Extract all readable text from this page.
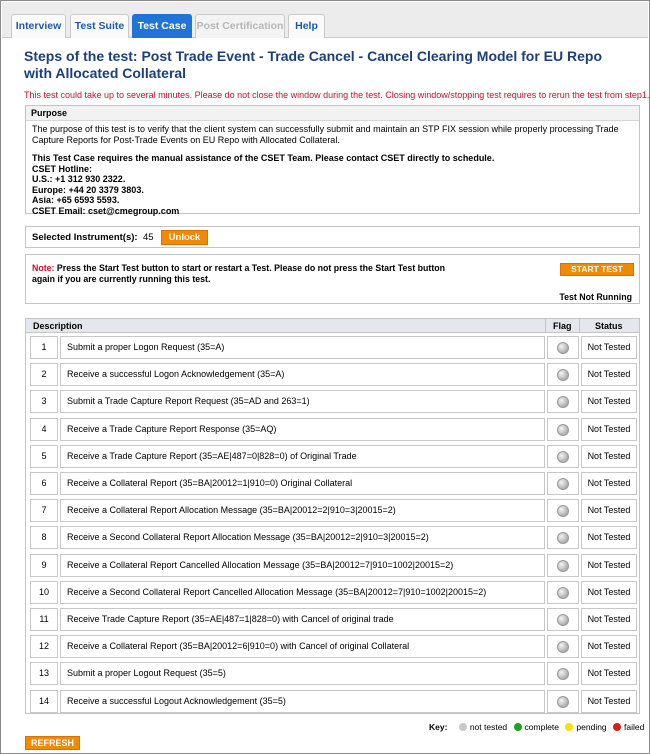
Interview	Test Suite	Test Case Post Certification	Help
Steps of the test: Post Trade Event - Trade Cancel - Cancel Clearing Model for EU Repo with Allocated Collateral
This test could take up to several minutes. Please do not close the window during the test. Closing window/stopping test requires to rerun the test from step1.
Purpose
The purpose of this test is to verify that the client system can successfully submit and maintain an STP FIX session while properly processing Trade
Capture Reports for Post-Trade Events on EU Repo with Allocated Collateral.
This Test Case requires the manual assistance of the CSET Team. Please contact CSET directly to schedule.
CSET Hotline:
U.S.: +1 312 930 2322.
Europe: +44 20 3379 3803.
Asia: +65 6593 5593.
CSET Email: cset@cmegroup.com
Selected Instrument(s): 45	Unlock
Note: Press the Start Test button to start or restart a Test. Please do not press the Start Test button again if you are currently running this test.
START TEST
Test Not Running
Description	Flag	Status
1	Submit a proper Logon Request (35=A)	Not Tested
2	Receive a successful Logon Acknowledgement (35=A)	Not Tested
3	Submit a Trade Capture Report Request (35=AD and 263=1)	Not Tested
4	Receive a Trade Capture Report Response (35=AQ)	Not Tested
5	Receive a Trade Capture Report (35=AE|487=0|828=0) of Original Trade	Not Tested
6	Receive a Collateral Report (35=BA|20012=1|910=0) Original Collateral	Not Tested
7	Receive a Collateral Report Allocation Message (35=BA|20012=2|910=3|20015=2)	Not Tested
8	Receive a Second Collateral Report Allocation Message (35=BA|20012=2|910=3|20015=2)	Not Tested
9	Receive a Collateral Report Cancelled Allocation Message (35=BA|20012=7|910=1002|20015=2)	Not Tested
10	Receive a Second Collateral Report Cancelled Allocation Message (35=BA|20012=7|910=1002|20015=2)	Not Tested
11	Receive Trade Capture Report (35=AE|487=1|828=0) with Cancel of original trade	Not Tested
12	Receive a Collateral Report (35=BA|20012=6|910=0) with Cancel of original Collateral	Not Tested
13	Submit a proper Logout Request (35=5)	Not Tested
14	Receive a successful Logout Acknowledgement (35=5)	Not Tested
Key:	not tested complete pending failed
REFRESH
